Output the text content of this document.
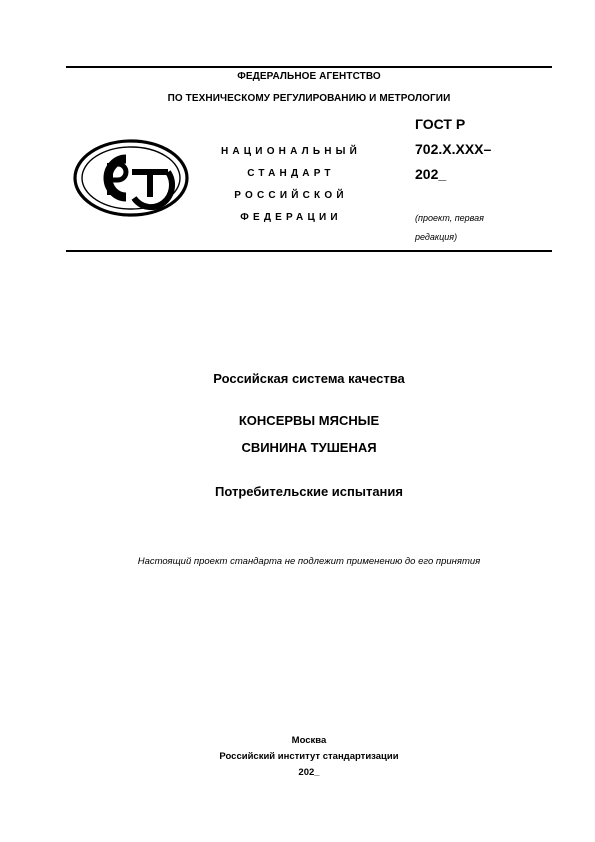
ФЕДЕРАЛЬНОЕ АГЕНТСТВО
ПО ТЕХНИЧЕСКОМУ РЕГУЛИРОВАНИЮ И МЕТРОЛОГИИ
НАЦИОНАЛЬНЫЙ
СТАНДАРТ
РОССИЙСКОЙ
ФЕДЕРАЦИИ
ГОСТ Р
702.X.XXX–
202_
(проект, первая
редакция)
Российская система качества
КОНСЕРВЫ МЯСНЫЕ
СВИНИНА ТУШЕНАЯ
Потребительские испытания
Настоящий проект стандарта не подлежит применению до его принятия
Москва
Российский институт стандартизации
202_
